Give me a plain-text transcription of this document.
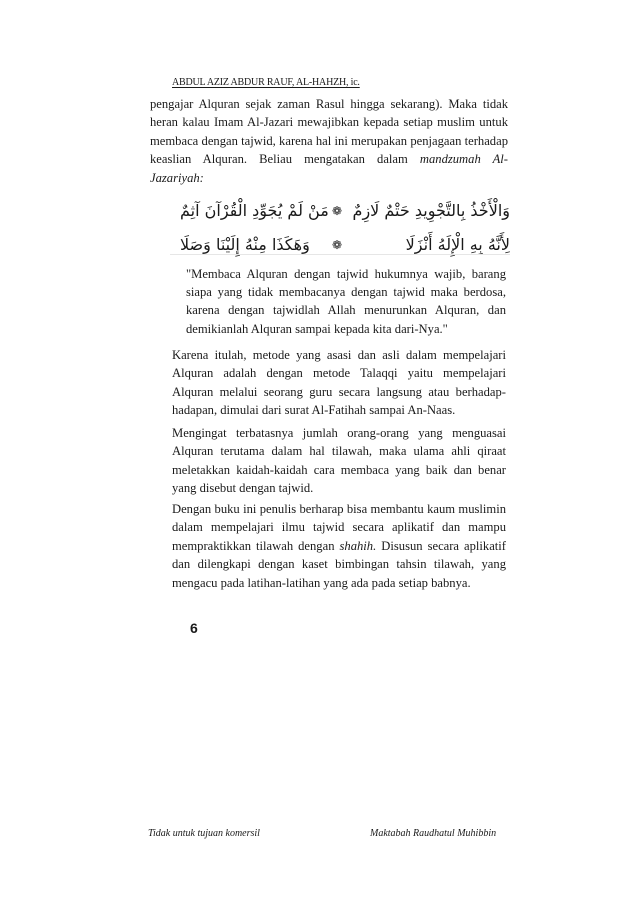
ABDUL AZIZ ABDUR RAUF, AL-HAHZH, ic.

pengajar Alquran sejak zaman Rasul hingga sekarang). Maka tidak heran kalau Imam Al-Jazari mewajibkan kepada setiap muslim untuk membaca dengan tajwid, karena hal ini merupakan penjagaan terhadap keaslian Alquran. Beliau mengatakan dalam mandzumah Al-Jazariyah:

وَالْأَخْذُ بِالتَّجْوِيدِ حَتْمٌ لَازِمٌ
❁
مَنْ لَمْ يُجَوِّدِ الْقُرْآنَ آثِمٌ
لِأَنَّهُ بِهِ الْإِلَهُ أَنْزَلَا
❁
وَهَكَذَا مِنْهُ إِلَيْنَا وَصَلَا

"Membaca Alquran dengan tajwid hukumnya wajib, barang siapa yang tidak membacanya dengan tajwid maka berdosa, karena dengan tajwidlah Allah menurunkan Alquran, dan demikianlah Alquran sampai kepada kita dari-Nya."

Karena itulah, metode yang asasi dan asli dalam mempelajari Alquran adalah dengan metode Talaqqi yaitu mempelajari Alquran melalui seorang guru secara langsung atau berhadap-hadapan, dimulai dari surat Al-Fatihah sampai An-Naas.

Mengingat terbatasnya jumlah orang-orang yang menguasai Alquran terutama dalam hal tilawah, maka ulama ahli qiraat meletakkan kaidah-kaidah cara membaca yang baik dan benar yang disebut dengan tajwid.

Dengan buku ini penulis berharap bisa membantu kaum muslimin dalam mempelajari ilmu tajwid secara aplikatif dan mampu mempraktikkan tilawah dengan shahih. Disusun secara aplikatif dan dilengkapi dengan kaset bimbingan tahsin tilawah, yang mengacu pada latihan-latihan yang ada pada setiap babnya.

6
Tidak untuk tujuan komersil	Maktabah Raudhatul Muhibbin
